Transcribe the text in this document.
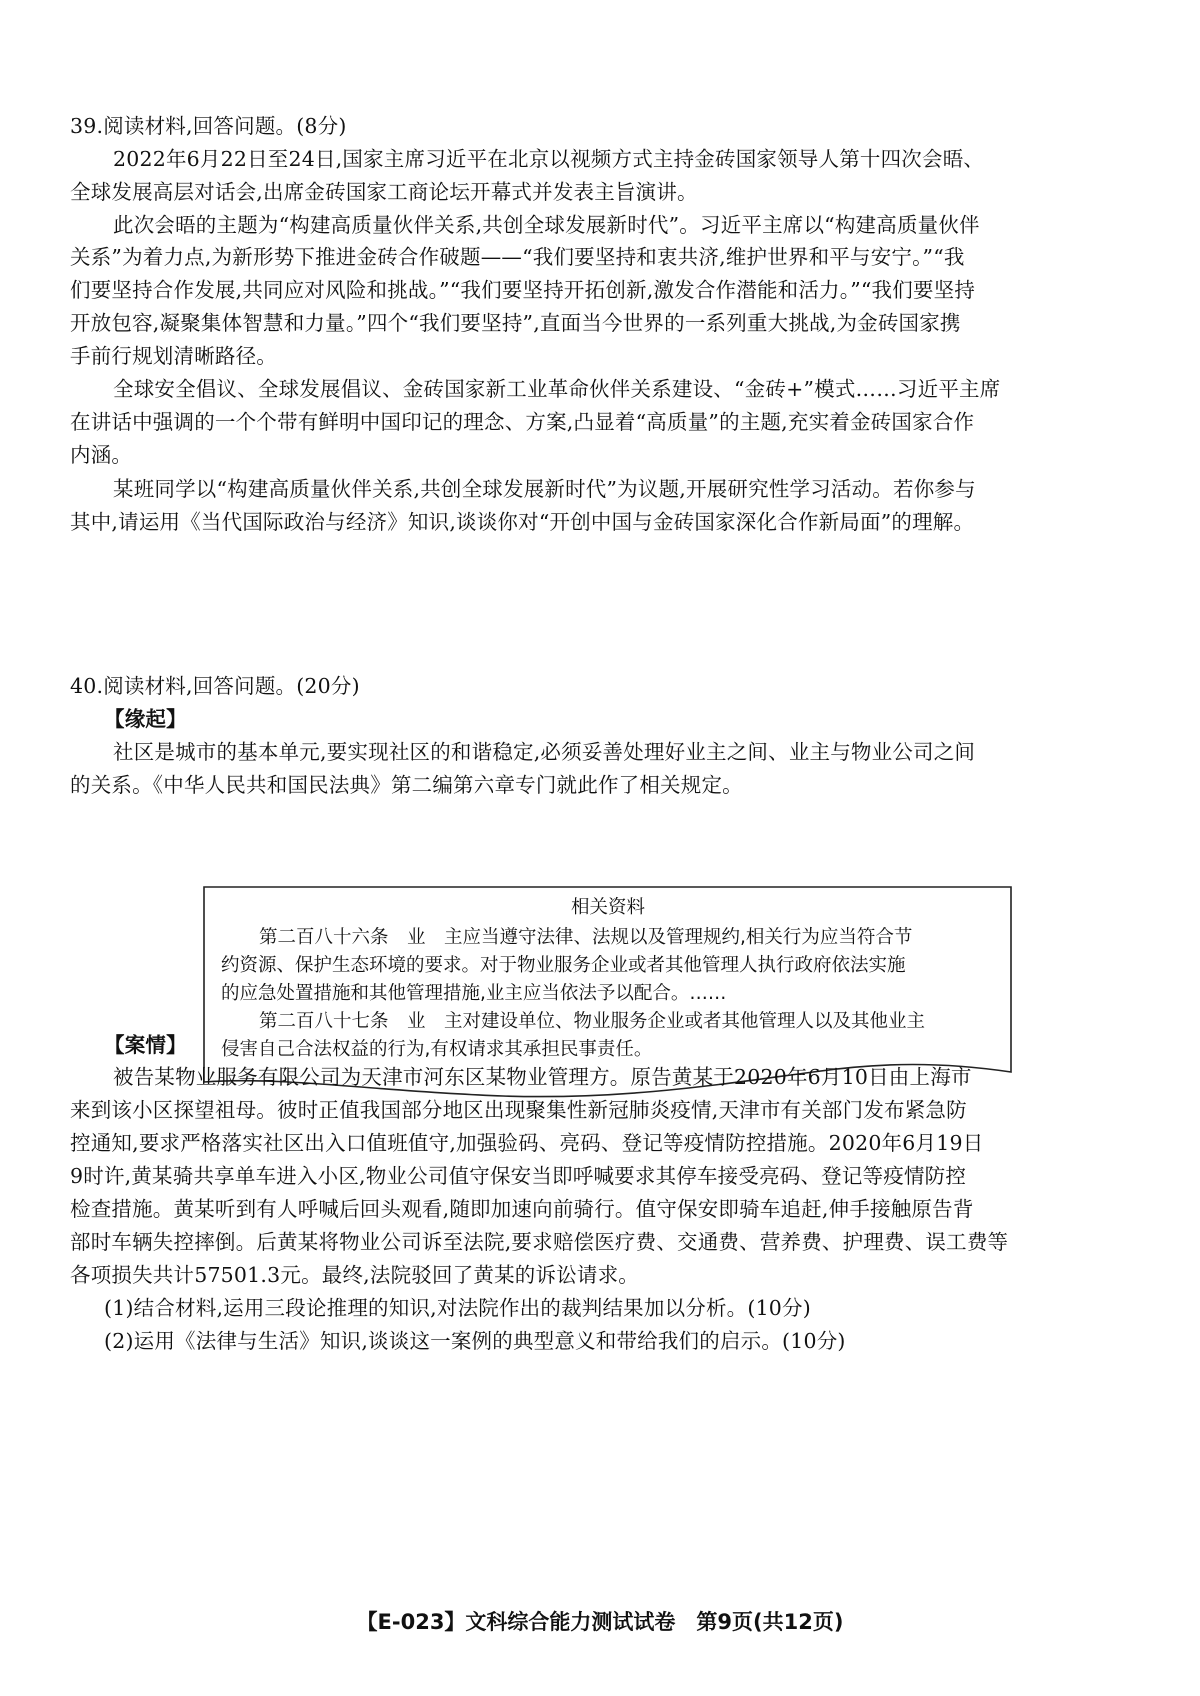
39.阅读材料,回答问题。(8分)
2022年6月22日至24日,国家主席习近平在北京以视频方式主持金砖国家领导人第十四次会晤、
全球发展高层对话会,出席金砖国家工商论坛开幕式并发表主旨演讲。
此次会晤的主题为“构建高质量伙伴关系,共创全球发展新时代”。习近平主席以“构建高质量伙伴
关系”为着力点,为新形势下推进金砖合作破题——“我们要坚持和衷共济,维护世界和平与安宁。”“我
们要坚持合作发展,共同应对风险和挑战。”“我们要坚持开拓创新,激发合作潜能和活力。”“我们要坚持
开放包容,凝聚集体智慧和力量。”四个“我们要坚持”,直面当今世界的一系列重大挑战,为金砖国家携
手前行规划清晰路径。
全球安全倡议、全球发展倡议、金砖国家新工业革命伙伴关系建设、“金砖+”模式……习近平主席
在讲话中强调的一个个带有鲜明中国印记的理念、方案,凸显着“高质量”的主题,充实着金砖国家合作
内涵。
某班同学以“构建高质量伙伴关系,共创全球发展新时代”为议题,开展研究性学习活动。若你参与
其中,请运用《当代国际政治与经济》知识,谈谈你对“开创中国与金砖国家深化合作新局面”的理解。
40.阅读材料,回答问题。(20分)
【缘起】
社区是城市的基本单元,要实现社区的和谐稳定,必须妥善处理好业主之间、业主与物业公司之间
的关系。《中华人民共和国民法典》第二编第六章专门就此作了相关规定。
相关资料
第二百八十六条　业　主应当遵守法律、法规以及管理规约,相关行为应当符合节
约资源、保护生态环境的要求。对于物业服务企业或者其他管理人执行政府依法实施
的应急处置措施和其他管理措施,业主应当依法予以配合。……
第二百八十七条　业　主对建设单位、物业服务企业或者其他管理人以及其他业主
侵害自己合法权益的行为,有权请求其承担民事责任。
【案情】
被告某物业服务有限公司为天津市河东区某物业管理方。原告黄某于2020年6月10日由上海市
来到该小区探望祖母。彼时正值我国部分地区出现聚集性新冠肺炎疫情,天津市有关部门发布紧急防
控通知,要求严格落实社区出入口值班值守,加强验码、亮码、登记等疫情防控措施。2020年6月19日
9时许,黄某骑共享单车进入小区,物业公司值守保安当即呼喊要求其停车接受亮码、登记等疫情防控
检查措施。黄某听到有人呼喊后回头观看,随即加速向前骑行。值守保安即骑车追赶,伸手接触原告背
部时车辆失控摔倒。后黄某将物业公司诉至法院,要求赔偿医疗费、交通费、营养费、护理费、误工费等
各项损失共计57501.3元。最终,法院驳回了黄某的诉讼请求。
(1)结合材料,运用三段论推理的知识,对法院作出的裁判结果加以分析。(10分)
(2)运用《法律与生活》知识,谈谈这一案例的典型意义和带给我们的启示。(10分)
【E-023】文科综合能力测试试卷　第9页(共12页)
